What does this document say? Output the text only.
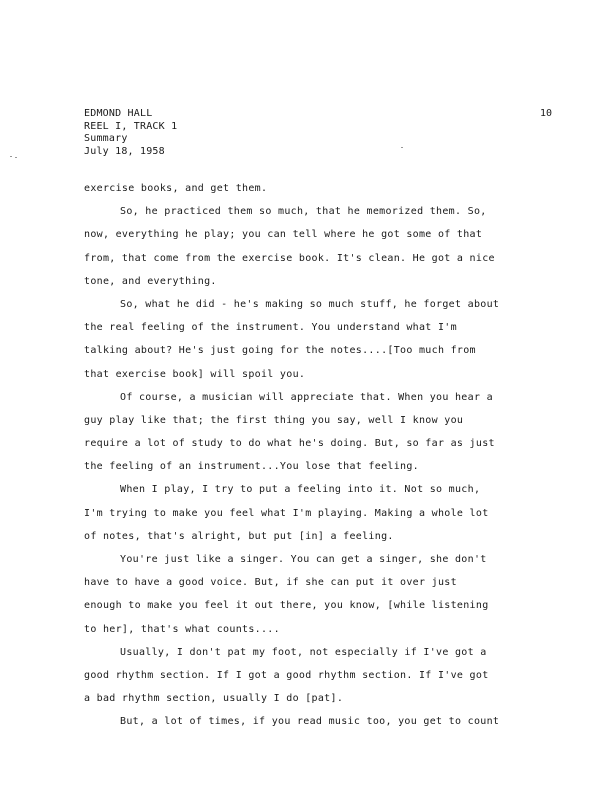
EDMOND HALL
REEL I, TRACK 1
Summary
July 18, 1958
10
exercise books, and get them.
So, he practiced them so much, that he memorized them. So,
now, everything he play; you can tell where he got some of that
from, that come from the exercise book. It's clean. He got a nice
tone, and everything.
So, what he did - he's making so much stuff, he forget about
the real feeling of the instrument. You understand what I'm
talking about? He's just going for the notes....[Too much from
that exercise book] will spoil you.
Of course, a musician will appreciate that. When you hear a
guy play like that; the first thing you say, well I know you
require a lot of study to do what he's doing. But, so far as just
the feeling of an instrument...You lose that feeling.
When I play, I try to put a feeling into it. Not so much,
I'm trying to make you feel what I'm playing. Making a whole lot
of notes, that's alright, but put [in] a feeling.
You're just like a singer. You can get a singer, she don't
have to have a good voice. But, if she can put it over just
enough to make you feel it out there, you know, [while listening
to her], that's what counts....
Usually, I don't pat my foot, not especially if I've got a
good rhythm section. If I got a good rhythm section. If I've got
a bad rhythm section, usually I do [pat].
But, a lot of times, if you read music too, you get to count
